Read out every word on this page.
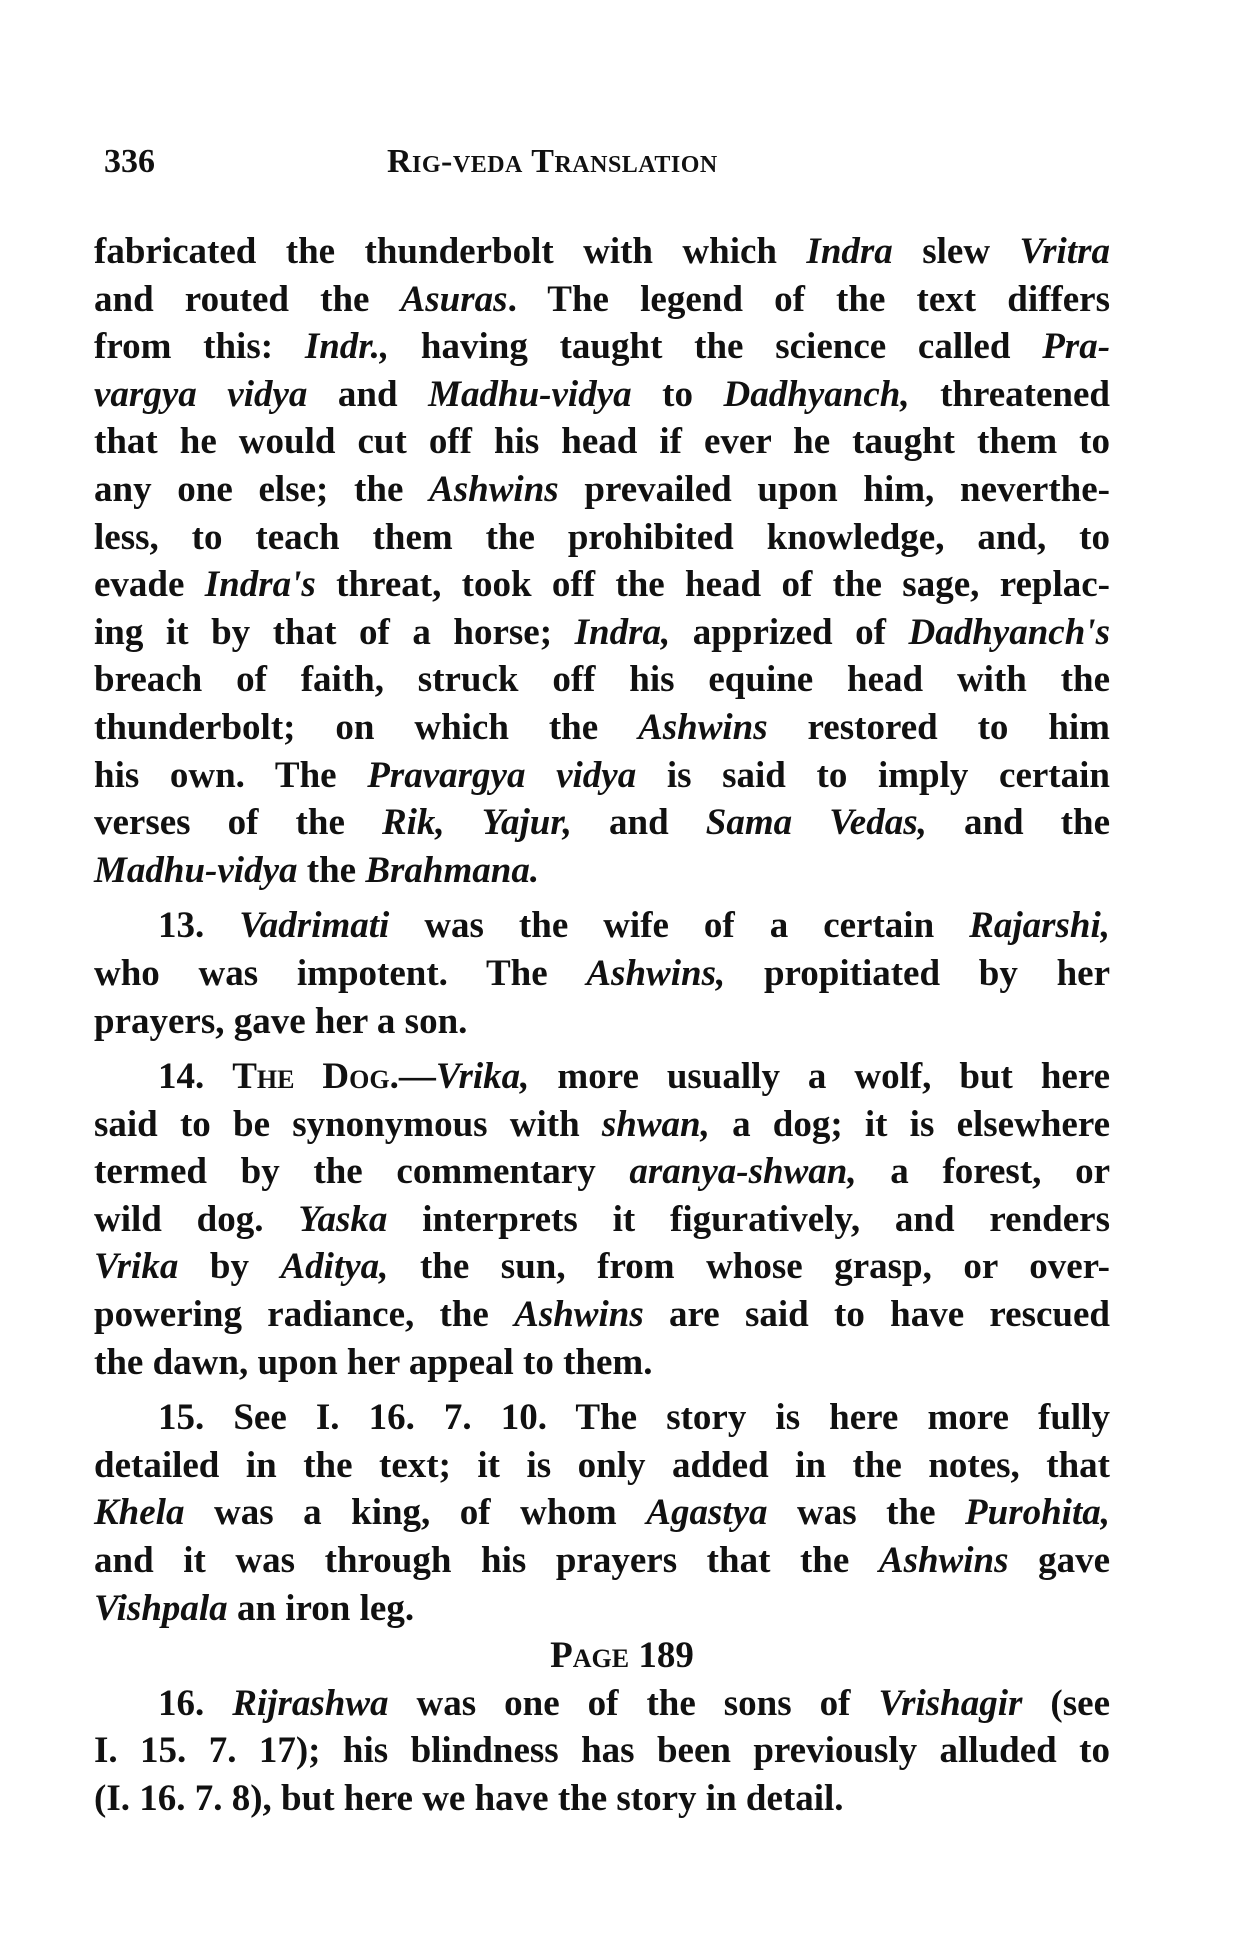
336	Rig-veda Translation
fabricated the thunderbolt with which Indra slew Vritra
and routed the Asuras. The legend of the text differs
from this: Indr., having taught the science called Pra-
vargya vidya and Madhu-vidya to Dadhyanch, threatened
that he would cut off his head if ever he taught them to
any one else; the Ashwins prevailed upon him, neverthe-
less, to teach them the prohibited knowledge, and, to
evade Indra's threat, took off the head of the sage, replac-
ing it by that of a horse; Indra, apprized of Dadhyanch's
breach of faith, struck off his equine head with the
thunderbolt; on which the Ashwins restored to him
his own. The Pravargya vidya is said to imply certain
verses of the Rik, Yajur, and Sama Vedas, and the
Madhu-vidya the Brahmana.
13. Vadrimati was the wife of a certain Rajarshi,
who was impotent. The Ashwins, propitiated by her
prayers, gave her a son.
14. The Dog.—Vrika, more usually a wolf, but here
said to be synonymous with shwan, a dog; it is elsewhere
termed by the commentary aranya-shwan, a forest, or
wild dog. Yaska interprets it figuratively, and renders
Vrika by Aditya, the sun, from whose grasp, or over-
powering radiance, the Ashwins are said to have rescued
the dawn, upon her appeal to them.
15. See I. 16. 7. 10. The story is here more fully
detailed in the text; it is only added in the notes, that
Khela was a king, of whom Agastya was the Purohita,
and it was through his prayers that the Ashwins gave
Vishpala an iron leg.
Page 189
16. Rijrashwa was one of the sons of Vrishagir (see
I. 15. 7. 17); his blindness has been previously alluded to
(I. 16. 7. 8), but here we have the story in detail.
